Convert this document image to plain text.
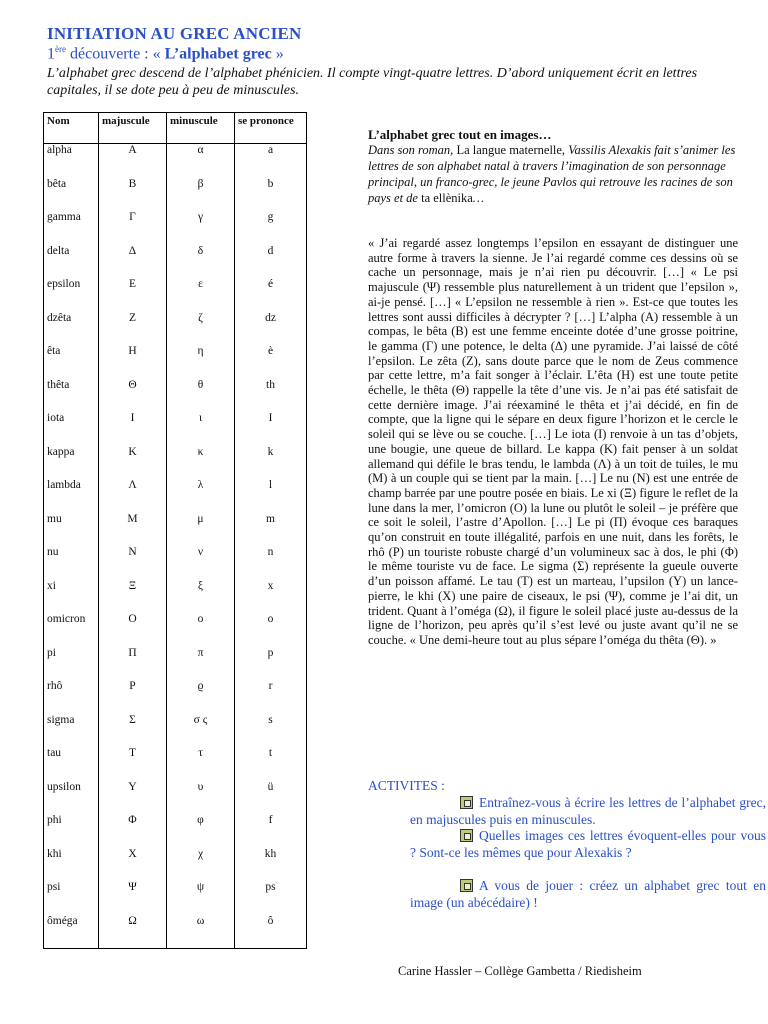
INITIATION AU GREC ANCIEN
1ère découverte : « L’alphabet grec »
L’alphabet grec descend de l’alphabet phénicien. Il compte vingt-quatre lettres. D’abord uniquement écrit en lettres capitales, il se dote peu à peu de minuscules.
Nom	majuscule	minuscule	se prononce
alpha	Α	α	a
bêta	Β	β	b
gamma	Γ	γ	g
delta	Δ	δ	d
epsilon	Ε	ε	é
dzêta	Ζ	ζ	dz
êta	Η	η	è
thêta	Θ	θ	th
iota	Ι	ι	I
kappa	Κ	κ	k
lambda	Λ	λ	l
mu	Μ	μ	m
nu	Ν	ν	n
xi	Ξ	ξ	x
omicron	Ο	ο	o
pi	Π	π	p
rhô	Ρ	ϱ	r
sigma	Σ	σ ς	s
tau	Τ	τ	t
upsilon	Υ	υ	ü
phi	Φ	φ	f
khi	Χ	χ	kh
psi	Ψ	ψ	ps
ôméga	Ω	ω	ô
L’alphabet grec tout en images…
Dans son roman, La langue maternelle, Vassilis Alexakis fait s’animer les lettres de son alphabet natal à travers l’imagination de son personnage principal, un franco-grec, le jeune Pavlos qui retrouve les racines de son pays et de ta ellènika…
« J’ai regardé assez longtemps l’epsilon en essayant de distinguer une autre forme à travers la sienne. Je l’ai regardé comme ces dessins où se cache un personnage, mais je n’ai rien pu découvrir. […] « Le psi majuscule (Ψ) ressemble plus naturellement à un trident que l’epsilon », ai-je pensé. […] « L’epsilon ne ressemble à rien ». Est-ce que toutes les lettres sont aussi difficiles à décrypter ? […] L’alpha (Α) ressemble à un compas, le bêta (Β) est une femme enceinte dotée d’une grosse poitrine, le gamma (Γ) une potence, le delta (Δ) une pyramide. J’ai laissé de côté l’epsilon. Le zêta (Ζ), sans doute parce que le nom de Zeus commence par cette lettre, m’a fait songer à l’éclair. L’êta (Η) est une toute petite échelle, le thêta (Θ) rappelle la tête d’une vis. Je n’ai pas été satisfait de cette dernière image. J’ai réexaminé le thêta et j’ai décidé, en fin de compte, que la ligne qui le sépare en deux figure l’horizon et le cercle le soleil qui se lève ou se couche. […] Le iota (Ι) renvoie à un tas d’objets, une bougie, une queue de billard. Le kappa (Κ) fait penser à un soldat allemand qui défile le bras tendu, le lambda (Λ) à un toit de tuiles, le mu (Μ) à un couple qui se tient par la main. […] Le nu (Ν) est une entrée de champ barrée par une poutre posée en biais. Le xi (Ξ) figure le reflet de la lune dans la mer, l’omicron (Ο) la lune ou plutôt le soleil – je préfère que ce soit le soleil, l’astre d’Apollon. […] Le pi (Π) évoque ces baraques qu’on construit en toute illégalité, parfois en une nuit, dans les forêts, le rhô (Ρ) un touriste robuste chargé d’un volumineux sac à dos, le phi (Φ) le même touriste vu de face. Le sigma (Σ) représente la gueule ouverte d’un poisson affamé. Le tau (Τ) est un marteau, l’upsilon (Υ) un lance-pierre, le khi (Χ) une paire de ciseaux, le psi (Ψ), comme je l’ai dit, un trident. Quant à l’oméga (Ω), il figure le soleil placé juste au-dessus de la ligne de l’horizon, peu après qu’il s’est levé ou juste avant qu’il ne se couche. « Une demi-heure tout au plus sépare l’oméga du thêta (Θ). »
ACTIVITES :
Entraînez-vous à écrire les lettres de l’alphabet grec, en majuscules puis en minuscules.
Quelles images ces lettres évoquent-elles pour vous ? Sont-ce les mêmes que pour Alexakis ?
A vous de jouer : créez un alphabet grec tout en image (un abécédaire) !
Carine Hassler – Collège Gambetta / Riedisheim
